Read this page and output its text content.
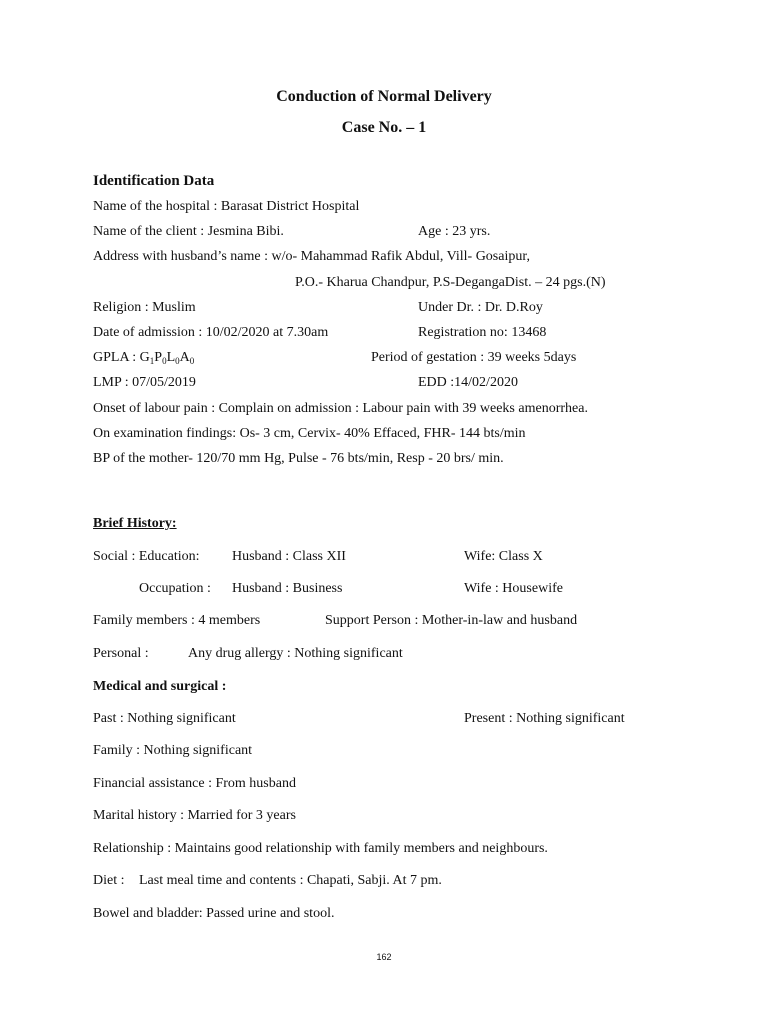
Conduction of Normal Delivery
Case No. – 1
Identification Data
Name of the hospital : Barasat District Hospital
Name of the client : Jesmina Bibi.	Age : 23 yrs.
Address with husband’s name : w/o- Mahammad Rafik Abdul, Vill- Gosaipur,
P.O.- Kharua Chandpur, P.S-DegangaDist. – 24 pgs.(N)
Religion : Muslim	Under Dr. : Dr. D.Roy
Date of admission : 10/02/2020 at 7.30am	Registration no: 13468
GPLA : $G_1P_0L_0A_0$	Period of gestation : 39 weeks 5days
LMP : 07/05/2019	EDD :14/02/2020
Onset of labour pain : Complain on admission : Labour pain with 39 weeks amenorrhea.
On examination findings: Os- 3 cm, Cervix- 40% Effaced, FHR- 144 bts/min
BP of the mother- 120/70 mm Hg, Pulse - 76 bts/min, Resp - 20 brs/ min.
Brief History:
Social : Education: Husband : Class XII	Wife: Class X
Occupation : Husband : Business	Wife : Housewife
Family members : 4 members	Support Person : Mother-in-law and husband
Personal :	Any drug allergy : Nothing significant
Medical and surgical :
Past : Nothing significant	Present : Nothing significant
Family : Nothing significant
Financial assistance : From husband
Marital history : Married for 3 years
Relationship : Maintains good relationship with family members and neighbours.
Diet : Last meal time and contents : Chapati, Sabji. At 7 pm.
Bowel and bladder: Passed urine and stool.
162
